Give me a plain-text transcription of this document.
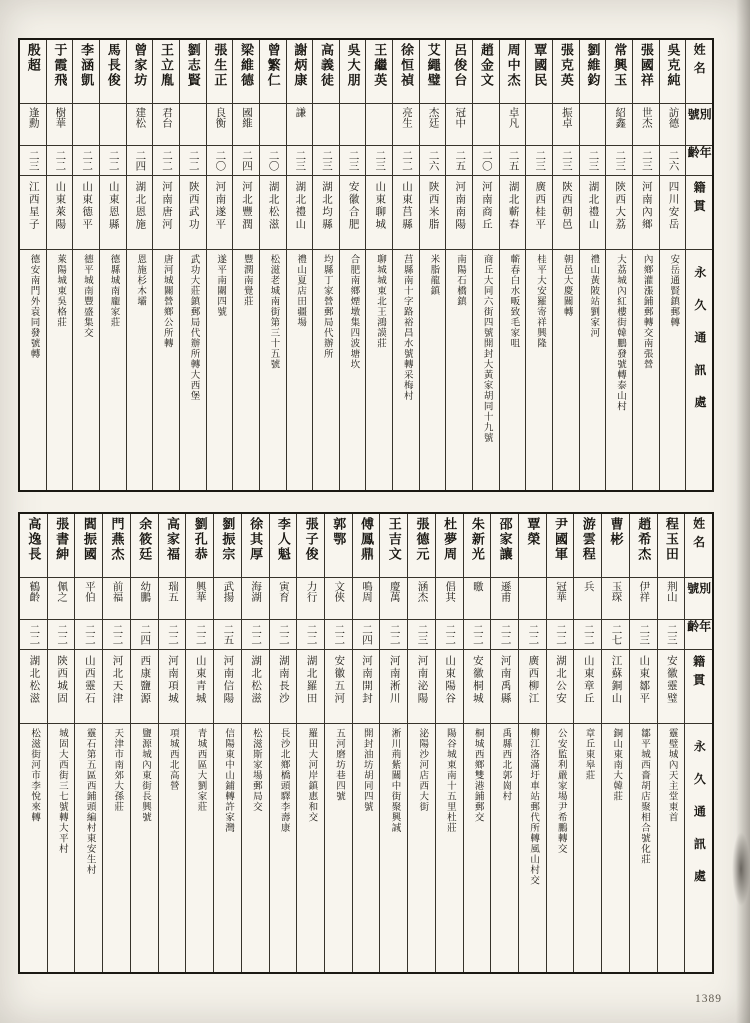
姓名
別號
年齡
籍貫
永久通訊處
吳克純
訪德
二六
四川安岳
安岳通賢鎮郵轉
張國祥
世杰
二三
河南內鄉
內鄉灌漲鋪郵轉交南張營
常興玉
紹鑫
二三
陝西大荔
大荔城內紅樓街韓鵬發號轉泰山村
劉維鈞
二三
湖北禮山
禮山黃陂站劉家河
張克英
振卓
二三
陝西朝邑
朝邑大慶關轉
覃國民
二三
廣西桂平
桂平大安羅寄祥興隆
周中杰
卓凡
二五
湖北蘄春
蘄春白水畈致毛家咀
趙金文
二〇
河南商丘
商丘大同六街四號開封大黃家胡同十九號
呂俊台
冠中
二五
河南南陽
南陽石橋鎮
艾繩璧
杰廷
二六
陝西米脂
米脂龍鎮
徐恒禎
亮生
二二
山東莒縣
莒縣南十字路裕昌水號轉采梅村
王繼英
二三
山東聊城
聊城城東北王鴻謨莊
吳大朋
二三
安徽合肥
合肥南鄉煙墩集四波塘坎
高義徒
二三
湖北均縣
均縣丁家營郵局代辦所
謝炳康
謙
二三
湖北禮山
禮山夏店田疆場
曾繁仁
二〇
湖北松滋
松滋老城南街第三十五號
梁維德
國維
二四
河北豐潤
豐潤南覺莊
張生正
良衡
二〇
河南遂平
遂平南關四號
劉志賢
二二
陝西武功
武功大莊鎮郵局代辦所轉大西堡
王立胤
君台
二二
河南唐河
唐河城關營鄉公所轉
曾家坊
建松
二四
湖北恩施
恩施杉木壩
馬長俊
二二
山東恩縣
德縣城南龐家莊
李涵凱
二二
山東德平
德平城南豐盛集交
于霞飛
樹華
二二
山東萊陽
萊陽城東吳格莊
殷超
逢勳
二三
江西星子
德安南門外袁同發號轉
姓名
別號
年齡
籍貫
永久通訊處
程玉田
荆山
二三
安徽靈璧
靈璧城內天主堂東首
趙希杰
伊祥
二三
山東鄒平
鄒平城西嗇胡店聚相合號化莊
曹彬
玉琛
二七
江蘇銅山
銅山東南大韓莊
游雲程
兵
二二
山東章丘
章丘東皋莊
尹國軍
冠華
二二
湖北公安
公安監利嚴家場尹希鵬轉交
覃榮
二二
廣西柳江
柳江洛滿圩車站郵代所轉風山村交
邵家讓
遜甫
二二
河南禹縣
禹縣西北郭崗村
朱新光
曒
二二
安徽桐城
桐城西鄉雙港鋪郵交
杜夢周
倡其
二二
山東陽谷
陽谷城東南十五里杜莊
張德元
涵杰
二三
河南泌陽
泌陽沙河店西大街
王吉文
慶萬
二二
河南淅川
淅川荊紫關中街聚興誠
傅鳳鼎
鳴周
二四
河南開封
開封油坊胡同四號
郭鄂
文俠
二二
安徽五河
五河磨坊巷四號
張子俊
力行
二二
湖北羅田
羅田大河岸鎮惠和交
李人魁
寅育
二二
湖南長沙
長沙北鄉橋頭驛李壽康
徐其厚
海湖
二二
湖北松滋
松滋斯家場郵局交
劉振宗
武揚
二五
河南信陽
信陽東中山鋪轉許家灣
劉孔恭
興華
二二
山東青城
青城西區大劉家莊
高家福
瑞五
二二
河南項城
項城西北高營
余筱廷
幼鵬
二四
西康鹽源
鹽源城內東街長興號
門燕杰
前福
二二
河北天津
天津市南郊大孫莊
閻振國
平伯
二二
山西靈石
靈石第五區西鋪頭編村東安生村
張書紳
佩之
二二
陝西城固
城固大西街三七號轉大平村
高逸長
鶴齡
二二
湖北松滋
松滋街河市李悅來轉
1389
